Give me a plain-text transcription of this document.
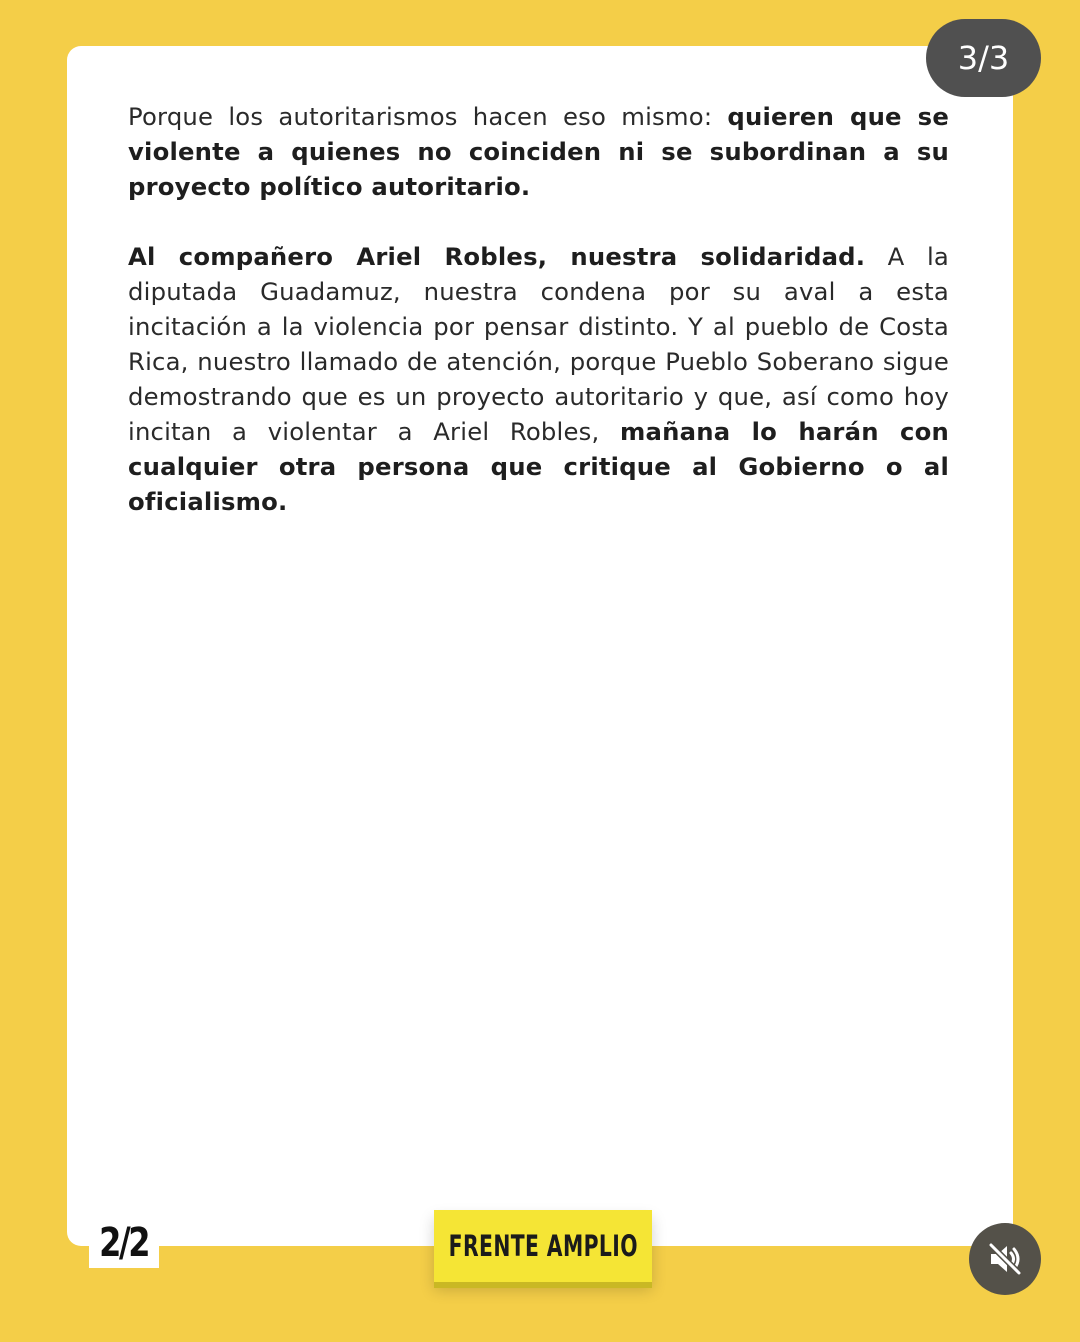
Porque los autoritarismos hacen eso mismo: quieren que se violente a quienes no coinciden ni se subordinan a su proyecto político autoritario.

Al compañero Ariel Robles, nuestra solidaridad. A la diputada Guadamuz, nuestra condena por su aval a esta incitación a la violencia por pensar distinto. Y al pueblo de Costa Rica, nuestro llamado de atención, porque Pueblo Soberano sigue demostrando que es un proyecto autoritario y que, así como hoy incitan a violentar a Ariel Robles, mañana lo harán con cualquier otra persona que critique al Gobierno o al oficialismo.

3/3
2/2	FRENTE AMPLIO
